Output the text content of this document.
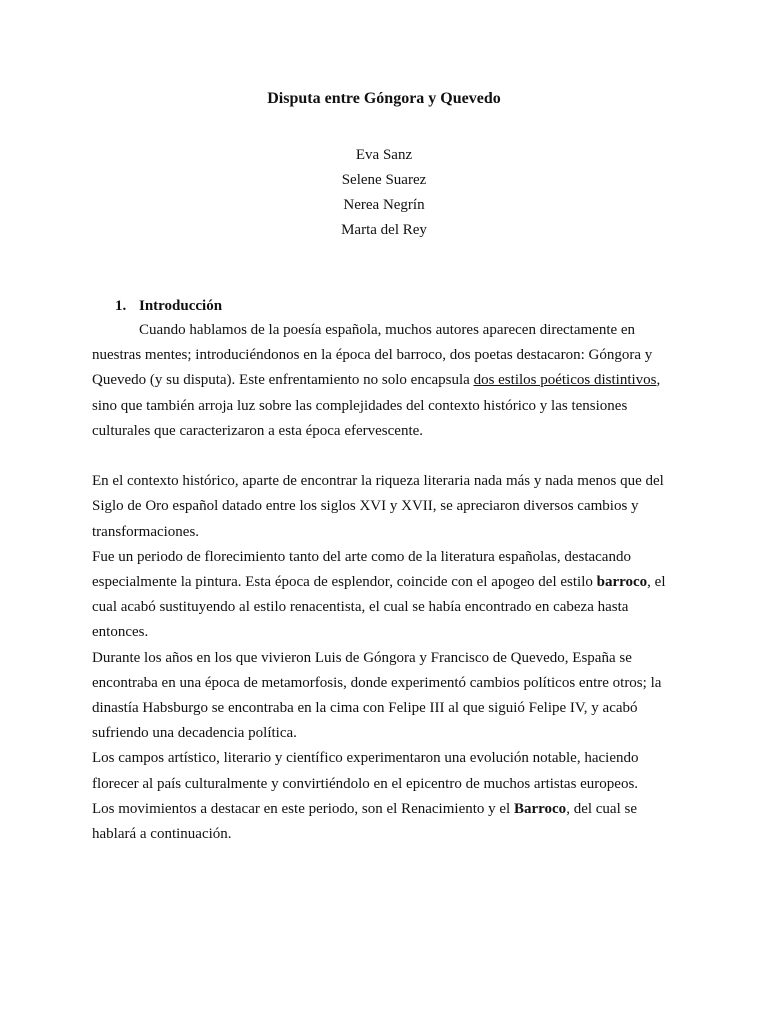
Disputa entre Góngora y Quevedo
Eva Sanz
Selene Suarez
Nerea Negrín
Marta del Rey
1. Introducción

Cuando hablamos de la poesía española, muchos autores aparecen directamente en nuestras mentes; introduciéndonos en la época del barroco, dos poetas destacaron: Góngora y Quevedo (y su disputa). Este enfrentamiento no solo encapsula dos estilos poéticos distintivos, sino que también arroja luz sobre las complejidades del contexto histórico y las tensiones culturales que caracterizaron a esta época efervescente.

En el contexto histórico, aparte de encontrar la riqueza literaria nada más y nada menos que del Siglo de Oro español datado entre los siglos XVI y XVII, se apreciaron diversos cambios y transformaciones.

Fue un periodo de florecimiento tanto del arte como de la literatura españolas, destacando especialmente la pintura. Esta época de esplendor, coincide con el apogeo del estilo barroco, el cual acabó sustituyendo al estilo renacentista, el cual se había encontrado en cabeza hasta entonces.

Durante los años en los que vivieron Luis de Góngora y Francisco de Quevedo, España se encontraba en una época de metamorfosis, donde experimentó cambios políticos entre otros; la dinastía Habsburgo se encontraba en la cima con Felipe III al que siguió Felipe IV, y acabó sufriendo una decadencia política.

Los campos artístico, literario y científico experimentaron una evolución notable, haciendo florecer al país culturalmente y convirtiéndolo en el epicentro de muchos artistas europeos.

Los movimientos a destacar en este periodo, son el Renacimiento y el Barroco, del cual se hablará a continuación.
